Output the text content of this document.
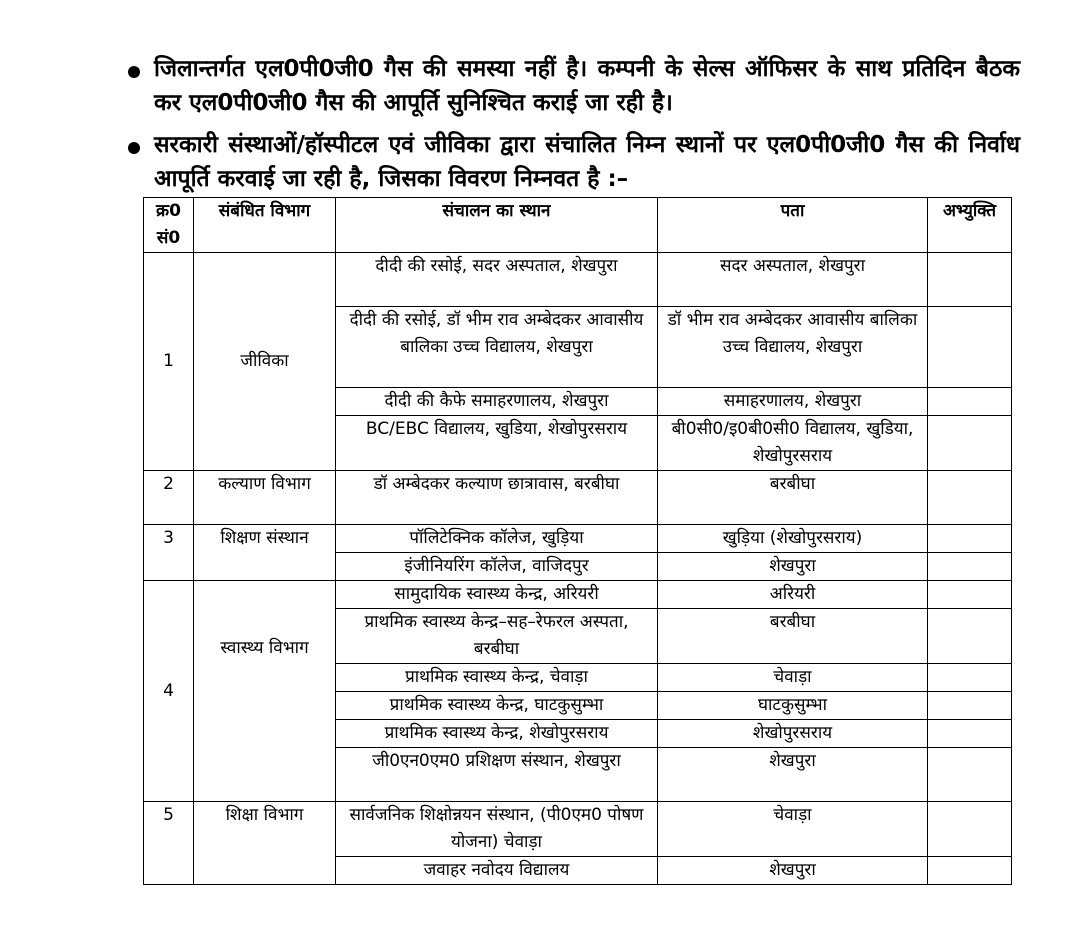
जिलान्तर्गत एल0पी0जी0 गैस की समस्या नहीं है। कम्पनी के सेल्स ऑफिसर के साथ प्रतिदिन बैठक कर एल0पी0जी0 गैस की आपूर्ति सुनिश्चित कराई जा रही है।
सरकारी संस्थाओं/हॉस्पीटल एवं जीविका द्वारा संचालित निम्न स्थानों पर एल0पी0जी0 गैस की निर्वाध आपूर्ति करवाई जा रही है, जिसका विवरण निम्नवत है :–
क्र0 सं0	संबंधित विभाग	संचालन का स्थान	पता	अभ्युक्ति
1	जीविका	दीदी की रसोई, सदर अस्पताल, शेखपुरा	सदर अस्पताल, शेखपुरा	
		दीदी की रसोई, डॉ भीम राव अम्बेदकर आवासीय बालिका उच्च विद्यालय, शेखपुरा	डॉ भीम राव अम्बेदकर आवासीय बालिका उच्च विद्यालय, शेखपुरा	
		दीदी की कैफे समाहरणालय, शेखपुरा	समाहरणालय, शेखपुरा	
		BC/EBC विद्यालय, खुडिया, शेखोपुरसराय	बी0सी0/इ0बी0सी0 विद्यालय, खुडिया, शेखोपुरसराय	
2	कल्याण विभाग	डॉ अम्बेदकर कल्याण छात्रावास, बरबीघा	बरबीघा	
3	शिक्षण संस्थान	पॉलिटेक्निक कॉलेज, खुड़िया	खुड़िया (शेखोपुरसराय)	
		इंजीनियरिंग कॉलेज, वाजिदपुर	शेखपुरा	
4	स्वास्थ्य विभाग	सामुदायिक स्वास्थ्य केन्द्र, अरियरी	अरियरी	
		प्राथमिक स्वास्थ्य केन्द्र–सह–रेफरल अस्पता, बरबीघा	बरबीघा	
		प्राथमिक स्वास्थ्य केन्द्र, चेवाड़ा	चेवाड़ा	
		प्राथमिक स्वास्थ्य केन्द्र, घाटकुसुम्भा	घाटकुसुम्भा	
		प्राथमिक स्वास्थ्य केन्द्र, शेखोपुरसराय	शेखोपुरसराय	
		जी0एन0एम0 प्रशिक्षण संस्थान, शेखपुरा	शेखपुरा	
5	शिक्षा विभाग	सार्वजनिक शिक्षोन्नयन संस्थान, (पी0एम0 पोषण योजना) चेवाड़ा	चेवाड़ा	
		जवाहर नवोदय विद्यालय	शेखपुरा	
